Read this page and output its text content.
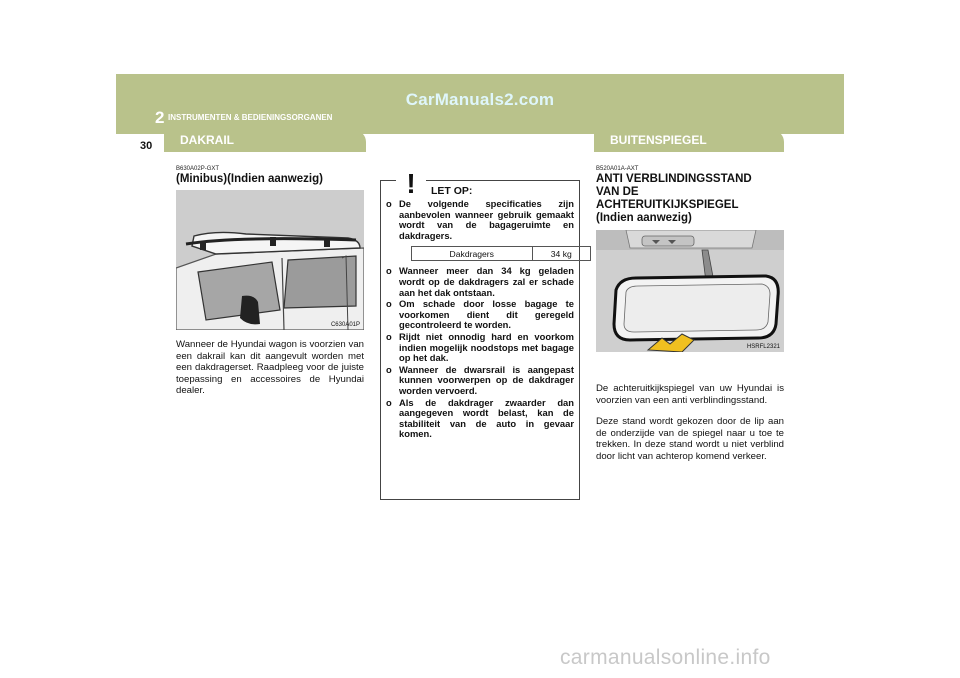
CarManuals2.com
2 INSTRUMENTEN & BEDIENINGSORGANEN
30 DAKRAIL	BUITENSPIEGEL
B630A02P-GXT
(Minibus)(Indien aanwezig)
C630A01P

Wanneer de Hyundai wagon is voorzien van een dakrail kan dit aangevult worden met een dakdragerset. Raadpleeg voor de juiste toepassing en accessoires de Hyundai dealer.

! LET OP:
o De volgende specificaties zijn aanbevolen wanneer gebruik gemaakt wordt van de bagageruimte en dakdragers.
Dakdragers	34 kg
o Wanneer meer dan 34 kg geladen wordt op de dakdragers zal er schade aan het dak ontstaan.
o Om schade door losse bagage te voorkomen dient dit geregeld gecontroleerd te worden.
o Rijdt niet onnodig hard en voorkom indien mogelijk noodstops met bagage op het dak.
o Wanneer de dwarsrail is aangepast kunnen voorwerpen op de dakdrager worden vervoerd.
o Als de dakdrager zwaarder dan aangegeven wordt belast, kan de stabiliteit van de auto in gevaar komen.
B520A01A-AXT
ANTI VERBLINDINGSSTAND
VAN DE
ACHTERUITKIJKSPIEGEL
(Indien aanwezig)
HSRFL2321

De achteruitkijkspiegel van uw Hyundai is voorzien van een anti verblindingsstand.

Deze stand wordt gekozen door de lip aan de onderzijde van de spiegel naar u toe te trekken. In deze stand wordt u niet verblind door licht van achterop komend verkeer.

carmanualsonline.info
